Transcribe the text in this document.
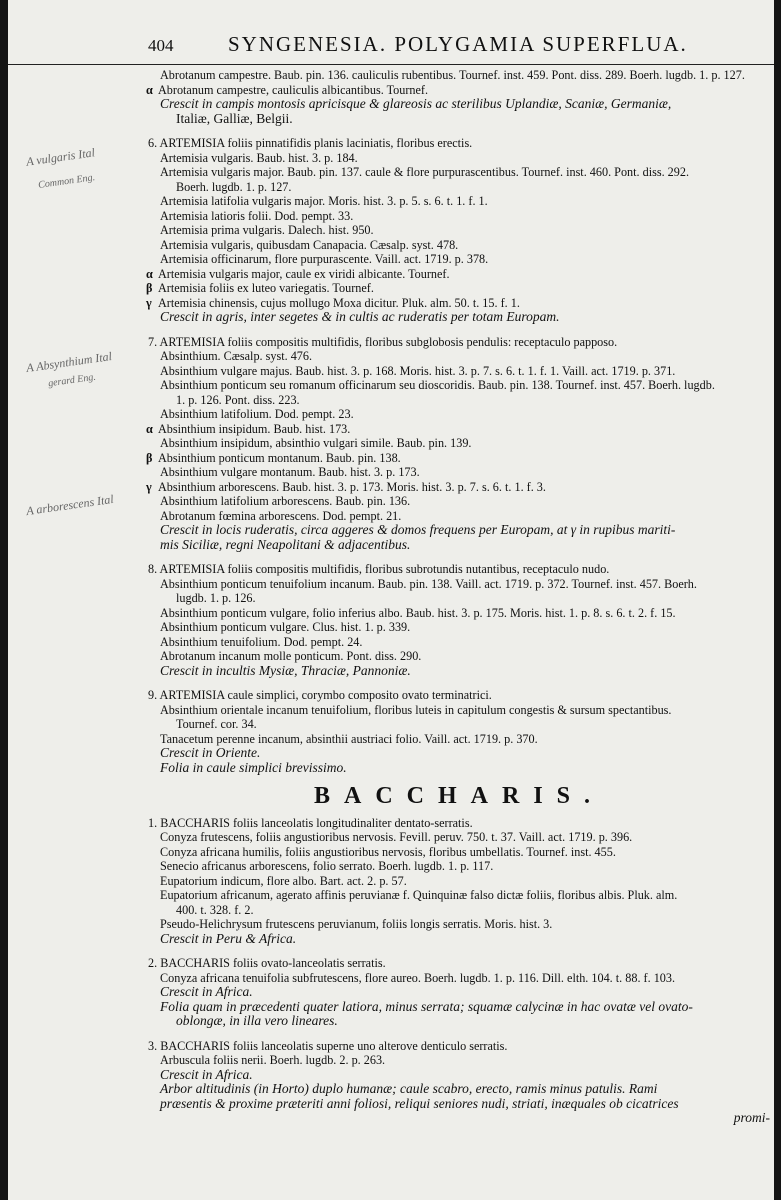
404	SYNGENESIA. POLYGAMIA SUPERFLUA.
A vulgaris Ital
Common Eng.
A Absynthium Ital
gerard Eng.
A arborescens Ital
Abrotanum campestre. Baub. pin. 136. cauliculis rubentibus. Tournef. inst. 459. Pont. diss. 289. Boerh. lugdb. 1. p. 127.
α Abrotanum campestre, cauliculis albicantibus. Tournef.
Crescit in campis montosis apricisque & glareosis ac sterilibus Uplandiæ, Scaniæ, Germaniæ,
Italiæ, Galliæ, Belgii.
6. ARTEMISIA foliis pinnatifidis planis laciniatis, floribus erectis.
Artemisia vulgaris. Baub. hist. 3. p. 184.
Artemisia vulgaris major. Baub. pin. 137. caule & flore purpurascentibus. Tournef. inst. 460. Pont. diss. 292.
Boerh. lugdb. 1. p. 127.
Artemisia latifolia vulgaris major. Moris. hist. 3. p. 5. s. 6. t. 1. f. 1.
Artemisia latioris folii. Dod. pempt. 33.
Artemisia prima vulgaris. Dalech. hist. 950.
Artemisia vulgaris, quibusdam Canapacia. Cæsalp. syst. 478.
Artemisia officinarum, flore purpurascente. Vaill. act. 1719. p. 378.
α Artemisia vulgaris major, caule ex viridi albicante. Tournef.
β Artemisia foliis ex luteo variegatis. Tournef.
γ Artemisia chinensis, cujus mollugo Moxa dicitur. Pluk. alm. 50. t. 15. f. 1.
Crescit in agris, inter segetes & in cultis ac ruderatis per totam Europam.
7. ARTEMISIA foliis compositis multifidis, floribus subglobosis pendulis: receptaculo papposo.
Absinthium. Cæsalp. syst. 476.
Absinthium vulgare majus. Baub. hist. 3. p. 168. Moris. hist. 3. p. 7. s. 6. t. 1. f. 1. Vaill. act. 1719. p. 371.
Absinthium ponticum seu romanum officinarum seu dioscoridis. Baub. pin. 138. Tournef. inst. 457. Boerh. lugdb.
1. p. 126. Pont. diss. 223.
Absinthium latifolium. Dod. pempt. 23.
α Absinthium insipidum. Baub. hist. 173.
Absinthium insipidum, absinthio vulgari simile. Baub. pin. 139.
β Absinthium ponticum montanum. Baub. pin. 138.
Absinthium vulgare montanum. Baub. hist. 3. p. 173.
γ Absinthium arborescens. Baub. hist. 3. p. 173. Moris. hist. 3. p. 7. s. 6. t. 1. f. 3.
Absinthium latifolium arborescens. Baub. pin. 136.
Abrotanum fœmina arborescens. Dod. pempt. 21.
Crescit in locis ruderatis, circa aggeres & domos frequens per Europam, at γ in rupibus mariti-
mis Siciliæ, regni Neapolitani & adjacentibus.
8. ARTEMISIA foliis compositis multifidis, floribus subrotundis nutantibus, receptaculo nudo.
Absinthium ponticum tenuifolium incanum. Baub. pin. 138. Vaill. act. 1719. p. 372. Tournef. inst. 457. Boerh.
lugdb. 1. p. 126.
Absinthium ponticum vulgare, folio inferius albo. Baub. hist. 3. p. 175. Moris. hist. 1. p. 8. s. 6. t. 2. f. 15.
Absinthium ponticum vulgare. Clus. hist. 1. p. 339.
Absinthium tenuifolium. Dod. pempt. 24.
Abrotanum incanum molle ponticum. Pont. diss. 290.
Crescit in incultis Mysiæ, Thraciæ, Pannoniæ.
9. ARTEMISIA caule simplici, corymbo composito ovato terminatrici.
Absinthium orientale incanum tenuifolium, floribus luteis in capitulum congestis & sursum spectantibus.
Tournef. cor. 34.
Tanacetum perenne incanum, absinthii austriaci folio. Vaill. act. 1719. p. 370.
Crescit in Oriente.
Folia in caule simplici brevissimo.
BACCHARIS.
1. BACCHARIS foliis lanceolatis longitudinaliter dentato-serratis.
Conyza frutescens, foliis angustioribus nervosis. Fevill. peruv. 750. t. 37. Vaill. act. 1719. p. 396.
Conyza africana humilis, foliis angustioribus nervosis, floribus umbellatis. Tournef. inst. 455.
Senecio africanus arborescens, folio serrato. Boerh. lugdb. 1. p. 117.
Eupatorium indicum, flore albo. Bart. act. 2. p. 57.
Eupatorium africanum, agerato affinis peruvianæ f. Quinquinæ falso dictæ foliis, floribus albis. Pluk. alm.
400. t. 328. f. 2.
Pseudo-Helichrysum frutescens peruvianum, foliis longis serratis. Moris. hist. 3.
Crescit in Peru & Africa.
2. BACCHARIS foliis ovato-lanceolatis serratis.
Conyza africana tenuifolia subfrutescens, flore aureo. Boerh. lugdb. 1. p. 116. Dill. elth. 104. t. 88. f. 103.
Crescit in Africa.
Folia quam in præcedenti quater latiora, minus serrata; squamæ calycinæ in hac ovatæ vel ovato-
oblongæ, in illa vero lineares.
3. BACCHARIS foliis lanceolatis superne uno alterove denticulo serratis.
Arbuscula foliis nerii. Boerh. lugdb. 2. p. 263.
Crescit in Africa.
Arbor altitudinis (in Horto) duplo humanæ; caule scabro, erecto, ramis minus patulis. Rami
præsentis & proxime præteriti anni foliosi, reliqui seniores nudi, striati, inæquales ob cicatrices
promi-
